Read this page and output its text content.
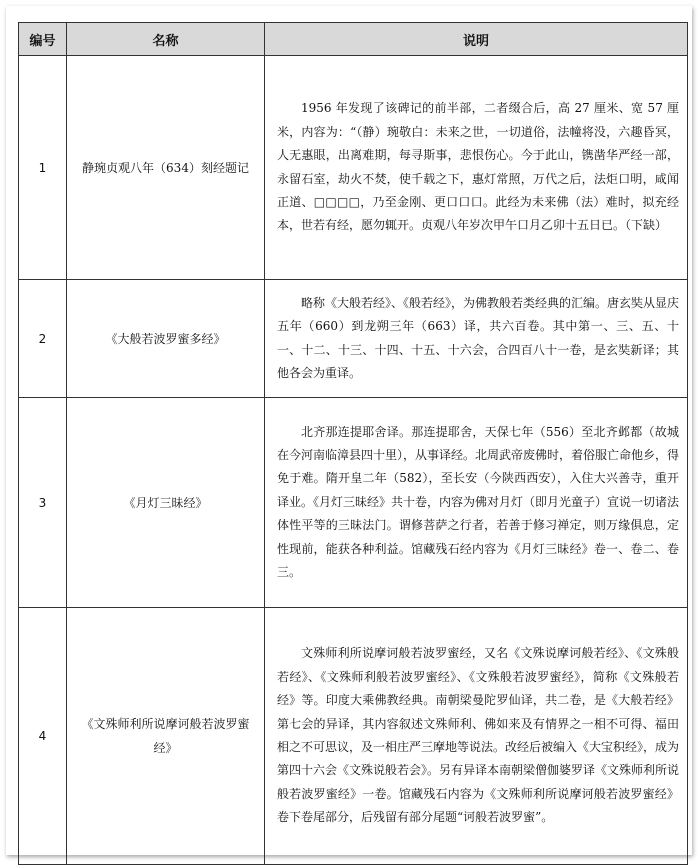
编号	名称	说明
1	静琬贞观八年（634）刻经题记	1956 年发现了该碑记的前半部，二者缀合后，高 27 厘米、宽 57 厘米，内容为：“（静）琬敬白：未来之世，一切道俗，法幢将没，六趣昏冥，人无惠眼，出离难期，每寻斯事，悲恨伤心。今于此山，镌凿华严经一部，永留石室，劫火不焚，使千载之下，惠灯常照，万代之后，法炬口明，咸闻正道、□□□□，乃至金刚、更口口口。此经为未来佛（法）难时，拟充经本，世若有经，愿勿辄开。贞观八年岁次甲午口月乙卯十五日已。（下缺）
2	《大般若波罗蜜多经》	略称《大般若经》、《般若经》，为佛教般若类经典的汇编。唐玄奘从显庆五年（660）到龙朔三年（663）译，共六百卷。其中第一、三、五、十一、十二、十三、十四、十五、十六会，合四百八十一卷，是玄奘新译；其他各会为重译。
3	《月灯三昧经》	北齐那连提耶舍译。那连提耶舍，天保七年（556）至北齐邺都（故城在今河南临漳县四十里），从事译经。北周武帝废佛时，着俗服亡命他乡，得免于难。隋开皇二年（582），至长安（今陕西西安），入住大兴善寺，重开译业。《月灯三昧经》共十卷，内容为佛对月灯（即月光童子）宣说一切诸法体性平等的三昧法门。谓修菩萨之行者，若善于修习禅定，则万缘俱息，定性现前，能获各种利益。馆藏残石经内容为《月灯三昧经》卷一、卷二、卷三。
4	《文殊师利所说摩诃般若波罗蜜经》	文殊师利所说摩诃般若波罗蜜经，又名《文殊说摩诃般若经》、《文殊般若经》、《文殊师利般若波罗蜜经》、《文殊般若波罗蜜经》，简称《文殊般若经》等。印度大乘佛教经典。南朝梁曼陀罗仙译，共二卷，是《大般若经》第七会的异译，其内容叙述文殊师利、佛如来及有情界之一相不可得、福田相之不可思议，及一相庄严三摩地等说法。改经后被编入《大宝积经》，成为第四十六会《文殊说般若会》。另有异译本南朝梁僧伽婆罗译《文殊师利所说般若波罗蜜经》一卷。馆藏残石内容为《文殊师利所说摩诃般若波罗蜜经》卷下卷尾部分，后残留有部分尾题“诃般若波罗蜜”。
